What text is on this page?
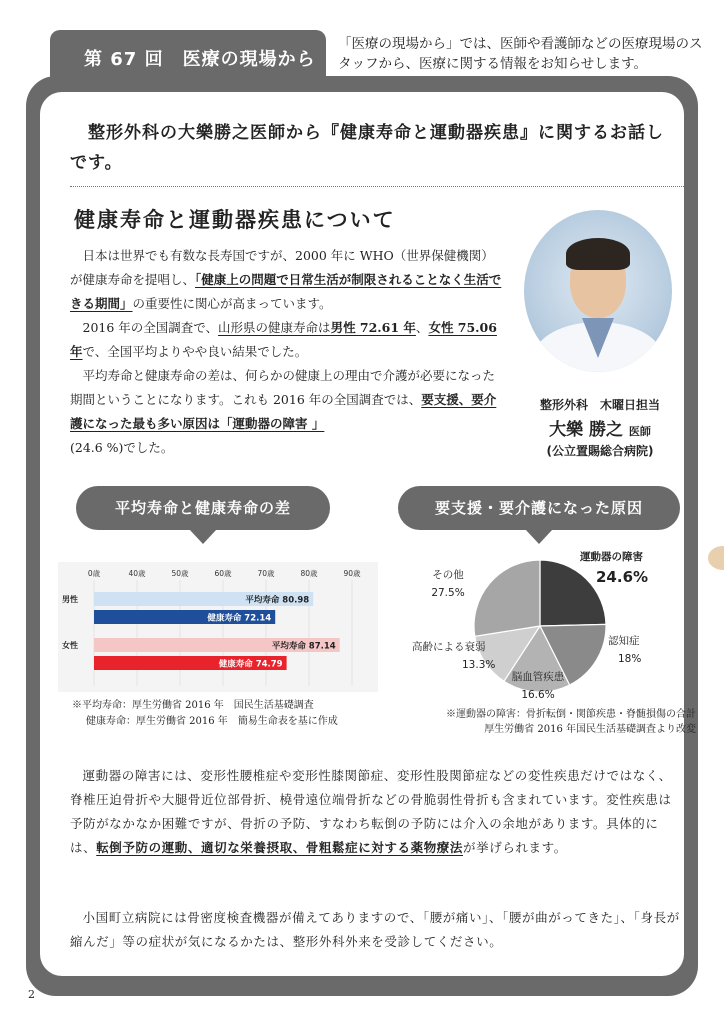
第 67 回　医療の現場から
「医療の現場から」では、医師や看護師などの医療現場のスタッフから、医療に関する情報をお知らせします。
整形外科の大樂勝之医師から『健康寿命と運動器疾患』に関するお話しです。
健康寿命と運動器疾患について

日本は世界でも有数な長寿国ですが、2000 年に WHO（世界保健機関）が健康寿命を提唱し、「健康上の問題で日常生活が制限されることなく生活できる期間」の重要性に関心が高まっています。

2016 年の全国調査で、山形県の健康寿命は男性 72.61 年、女性 75.06 年で、全国平均よりやや良い結果でした。

平均寿命と健康寿命の差は、何らかの健康上の理由で介護が必要になった期間ということになります。これも 2016 年の全国調査では、要支援、要介護になった最も多い原因は「運動器の障害 」
(24.6 %)でした。

整形外科　木曜日担当
大樂 勝之 医師
(公立置賜総合病院)
平均寿命と健康寿命の差	要支援・要介護になった原因
0歳	40歳	50歳	60歳	70歳	80歳	90歳
男性
女性
平均寿命 80.98
健康寿命 72.14
平均寿命 87.14
健康寿命 74.79
運動器の障害
24.6%
認知症
18%
脳血管疾患
16.6%
高齢による衰弱
13.3%
その他
27.5%
※平均寿命：厚生労働省 2016 年　国民生活基礎調査
健康寿命：厚生労働省 2016 年　簡易生命表を基に作成
※運動器の障害：骨折転倒・関節疾患・脊髄損傷の合計
厚生労働省 2016 年国民生活基礎調査より改変
運動器の障害には、変形性腰椎症や変形性膝関節症、変形性股関節症などの変性疾患だけではなく、脊椎圧迫骨折や大腿骨近位部骨折、橈骨遠位端骨折などの骨脆弱性骨折も含まれています。変性疾患は予防がなかなか困難ですが、骨折の予防、すなわち転倒の予防には介入の余地があります。具体的には、転倒予防の運動、適切な栄養摂取、骨粗鬆症に対する薬物療法が挙げられます。
小国町立病院には骨密度検査機器が備えてありますので、「腰が痛い」、「腰が曲がってきた」、「身長が縮んだ」等の症状が気になるかたは、整形外科外来を受診してください。
2
